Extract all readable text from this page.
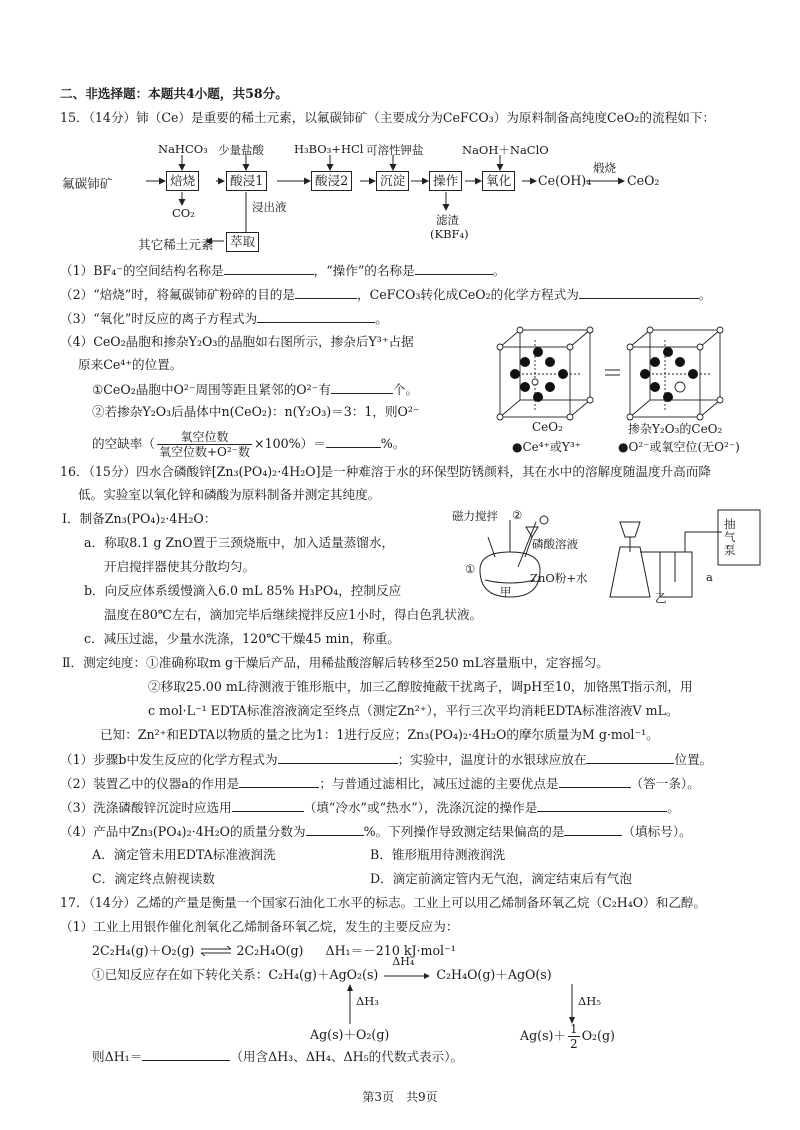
二、非选择题：本题共4小题，共58分。
15．（14分）铈（Ce）是重要的稀土元素，以氟碳铈矿（主要成分为CeFCO₃）为原料制备高纯度CeO₂的流程如下：
氟碳铈矿	焙烧	酸浸1	酸浸2	沉淀	操作	氧化	Ce(OH)₄	CeO₂
煅烧
NaHCO₃ 少量盐酸	H₃BO₃+HCl 可溶性钾盐	NaOH＋NaClO
CO₂	浸出液
滤渣
(KBF₄)
萃取
其它稀土元素
（1）BF₄⁻的空间结构名称是	，“操作”的名称是	。
（2）“焙烧”时，将氟碳铈矿粉碎的目的是	，CeFCO₃转化成CeO₂的化学方程式为	。
（3）“氧化”时反应的离子方程式为	。
（4）CeO₂晶胞和掺杂Y₂O₃的晶胞如右图所示，掺杂后Y³⁺占据
原来Ce⁴⁺的位置。
①CeO₂晶胞中O²⁻周围等距且紧邻的O²⁻有	个。
②若掺杂Y₂O₃后晶体中n(CeO₂)：n(Y₂O₃)＝3：1，则O²⁻
的空缺率（ $\frac{\text{氧空位数}}{\text{氧空位数+O²⁻数}} \times 100\%)=$	%。
CeO₂	掺杂Y₂O₃的CeO₂
●Ce⁴⁺或Y³⁺	●O²⁻或氧空位(无O²⁻)
16．（15分）四水合磷酸锌[Zn₃(PO₄)₂·4H₂O]是一种难溶于水的环保型防锈颜料，其在水中的溶解度随温度升高而降
低。实验室以氧化锌和磷酸为原料制备并测定其纯度。
Ⅰ．制备Zn₃(PO₄)₂·4H₂O：
a．称取8.1 g ZnO置于三颈烧瓶中，加入适量蒸馏水，
开启搅拌器使其分散均匀。
b．向反应体系缓慢滴入6.0 mL 85% H₃PO₄，控制反应
温度在80℃左右，滴加完毕后继续搅拌反应1小时，得白色乳状液。
c．减压过滤，少量水洗涤，120℃干燥45 min，称重。
磁力搅拌 ②
磷酸溶液
①
ZnO粉+水
甲	乙
抽气泵
a
Ⅱ．测定纯度：①准确称取m g干燥后产品，用稀盐酸溶解后转移至250 mL容量瓶中，定容摇匀。
②移取25.00 mL待测液于锥形瓶中，加三乙醇胺掩蔽干扰离子，调pH至10，加铬黑T指示剂，用
c mol·L⁻¹ EDTA标准溶液滴定至终点（测定Zn²⁺），平行三次平均消耗EDTA标准溶液V mL。
已知：Zn²⁺和EDTA以物质的量之比为1：1进行反应；Zn₃(PO₄)₂·4H₂O的摩尔质量为M g·mol⁻¹。
（1）步骤b中发生反应的化学方程式为	；实验中，温度计的水银球应放在	位置。
（2）装置乙中的仪器a的作用是	；与普通过滤相比，减压过滤的主要优点是	（答一条）。
（3）洗涤磷酸锌沉淀时应选用	（填“冷水”或“热水”），洗涤沉淀的操作是	。
（4）产品中Zn₃(PO₄)₂·4H₂O的质量分数为	%。下列操作导致测定结果偏高的是	（填标号）。
A．滴定管未用EDTA标准液润洗	B．锥形瓶用待测液润洗
C．滴定终点俯视读数	D．滴定前滴定管内无气泡，滴定结束后有气泡
17．（14分）乙烯的产量是衡量一个国家石油化工水平的标志。工业上可以用乙烯制备环氧乙烷（C₂H₄O）和乙醇。
（1）工业上用银作催化剂氧化乙烯制备环氧乙烷，发生的主要反应为：
2C₂H₄(g)＋O₂(g) ⇌ 2C₂H₄O(g) ΔH₁＝－210 kJ·mol⁻¹
①已知反应存在如下转化关系：C₂H₄(g)＋AgO₂(s)
ΔH₄
C₂H₄O(g)＋AgO(s)
ΔH₃	ΔH₅
Ag(s)＋O₂(g)	$Ag(s)+ \frac{1}{2} O_2(g)$
则ΔH₁＝	（用含ΔH₃、ΔH₄、ΔH₅的代数式表示）。
第3页　共9页
